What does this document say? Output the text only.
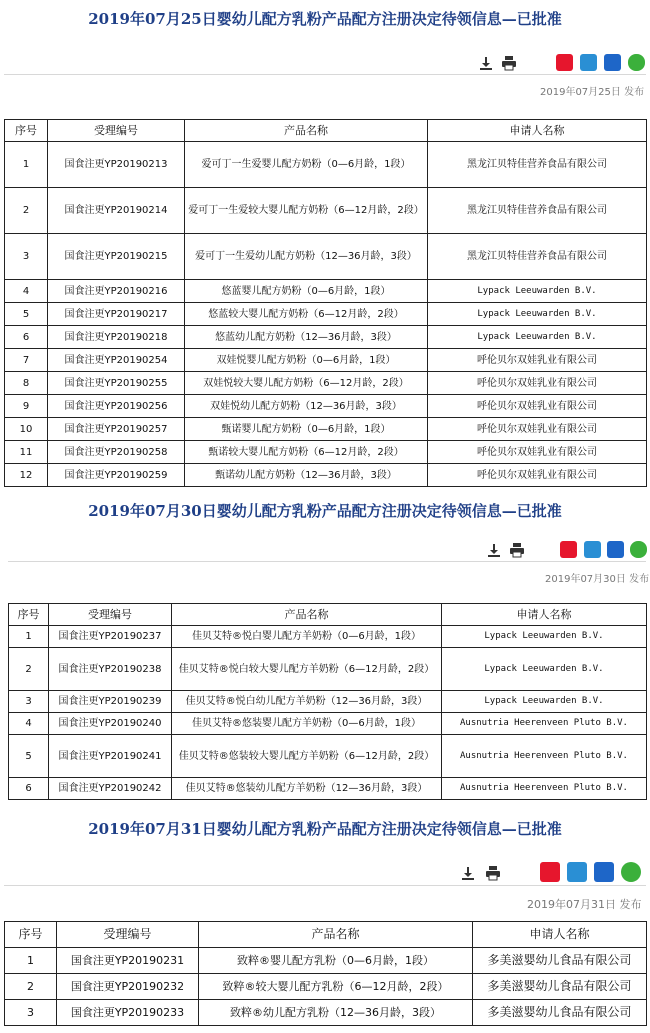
2019年07月25日婴幼儿配方乳粉产品配方注册决定待领信息—已批准
2019年07月25日 发布
序号	受理编号	产品名称	申请人名称
1	国食注更YP20190213	爱可丁一生爱婴儿配方奶粉（0—6月龄，1段）	黑龙江贝特佳营养食品有限公司
2	国食注更YP20190214	爱可丁一生爱较大婴儿配方奶粉（6—12月龄，2段）	黑龙江贝特佳营养食品有限公司
3	国食注更YP20190215	爱可丁一生爱幼儿配方奶粉（12—36月龄，3段）	黑龙江贝特佳营养食品有限公司
4	国食注更YP20190216	悠蓝婴儿配方奶粉（0—6月龄，1段）	Lypack Leeuwarden B.V.
5	国食注更YP20190217	悠蓝较大婴儿配方奶粉（6—12月龄，2段）	Lypack Leeuwarden B.V.
6	国食注更YP20190218	悠蓝幼儿配方奶粉（12—36月龄，3段）	Lypack Leeuwarden B.V.
7	国食注更YP20190254	双娃悦婴儿配方奶粉（0—6月龄，1段）	呼伦贝尔双娃乳业有限公司
8	国食注更YP20190255	双娃悦较大婴儿配方奶粉（6—12月龄，2段）	呼伦贝尔双娃乳业有限公司
9	国食注更YP20190256	双娃悦幼儿配方奶粉（12—36月龄，3段）	呼伦贝尔双娃乳业有限公司
10	国食注更YP20190257	甄诺婴儿配方奶粉（0—6月龄，1段）	呼伦贝尔双娃乳业有限公司
11	国食注更YP20190258	甄诺较大婴儿配方奶粉（6—12月龄，2段）	呼伦贝尔双娃乳业有限公司
12	国食注更YP20190259	甄诺幼儿配方奶粉（12—36月龄，3段）	呼伦贝尔双娃乳业有限公司
2019年07月30日婴幼儿配方乳粉产品配方注册决定待领信息—已批准
2019年07月30日 发布
序号	受理编号	产品名称	申请人名称
1	国食注更YP20190237	佳贝艾特®悦白婴儿配方羊奶粉（0—6月龄，1段）	Lypack Leeuwarden B.V.
2	国食注更YP20190238	佳贝艾特®悦白较大婴儿配方羊奶粉（6—12月龄，2段）	Lypack Leeuwarden B.V.
3	国食注更YP20190239	佳贝艾特®悦白幼儿配方羊奶粉（12—36月龄，3段）	Lypack Leeuwarden B.V.
4	国食注更YP20190240	佳贝艾特®悠装婴儿配方羊奶粉（0—6月龄，1段）	Ausnutria Heerenveen Pluto B.V.
5	国食注更YP20190241	佳贝艾特®悠装较大婴儿配方羊奶粉（6—12月龄，2段）	Ausnutria Heerenveen Pluto B.V.
6	国食注更YP20190242	佳贝艾特®悠装幼儿配方羊奶粉（12—36月龄，3段）	Ausnutria Heerenveen Pluto B.V.
2019年07月31日婴幼儿配方乳粉产品配方注册决定待领信息—已批准
2019年07月31日 发布
序号	受理编号	产品名称	申请人名称
1	国食注更YP20190231	致粹®婴儿配方乳粉（0—6月龄，1段）	多美滋婴幼儿食品有限公司
2	国食注更YP20190232	致粹®较大婴儿配方乳粉（6—12月龄，2段）	多美滋婴幼儿食品有限公司
3	国食注更YP20190233	致粹®幼儿配方乳粉（12—36月龄，3段）	多美滋婴幼儿食品有限公司
